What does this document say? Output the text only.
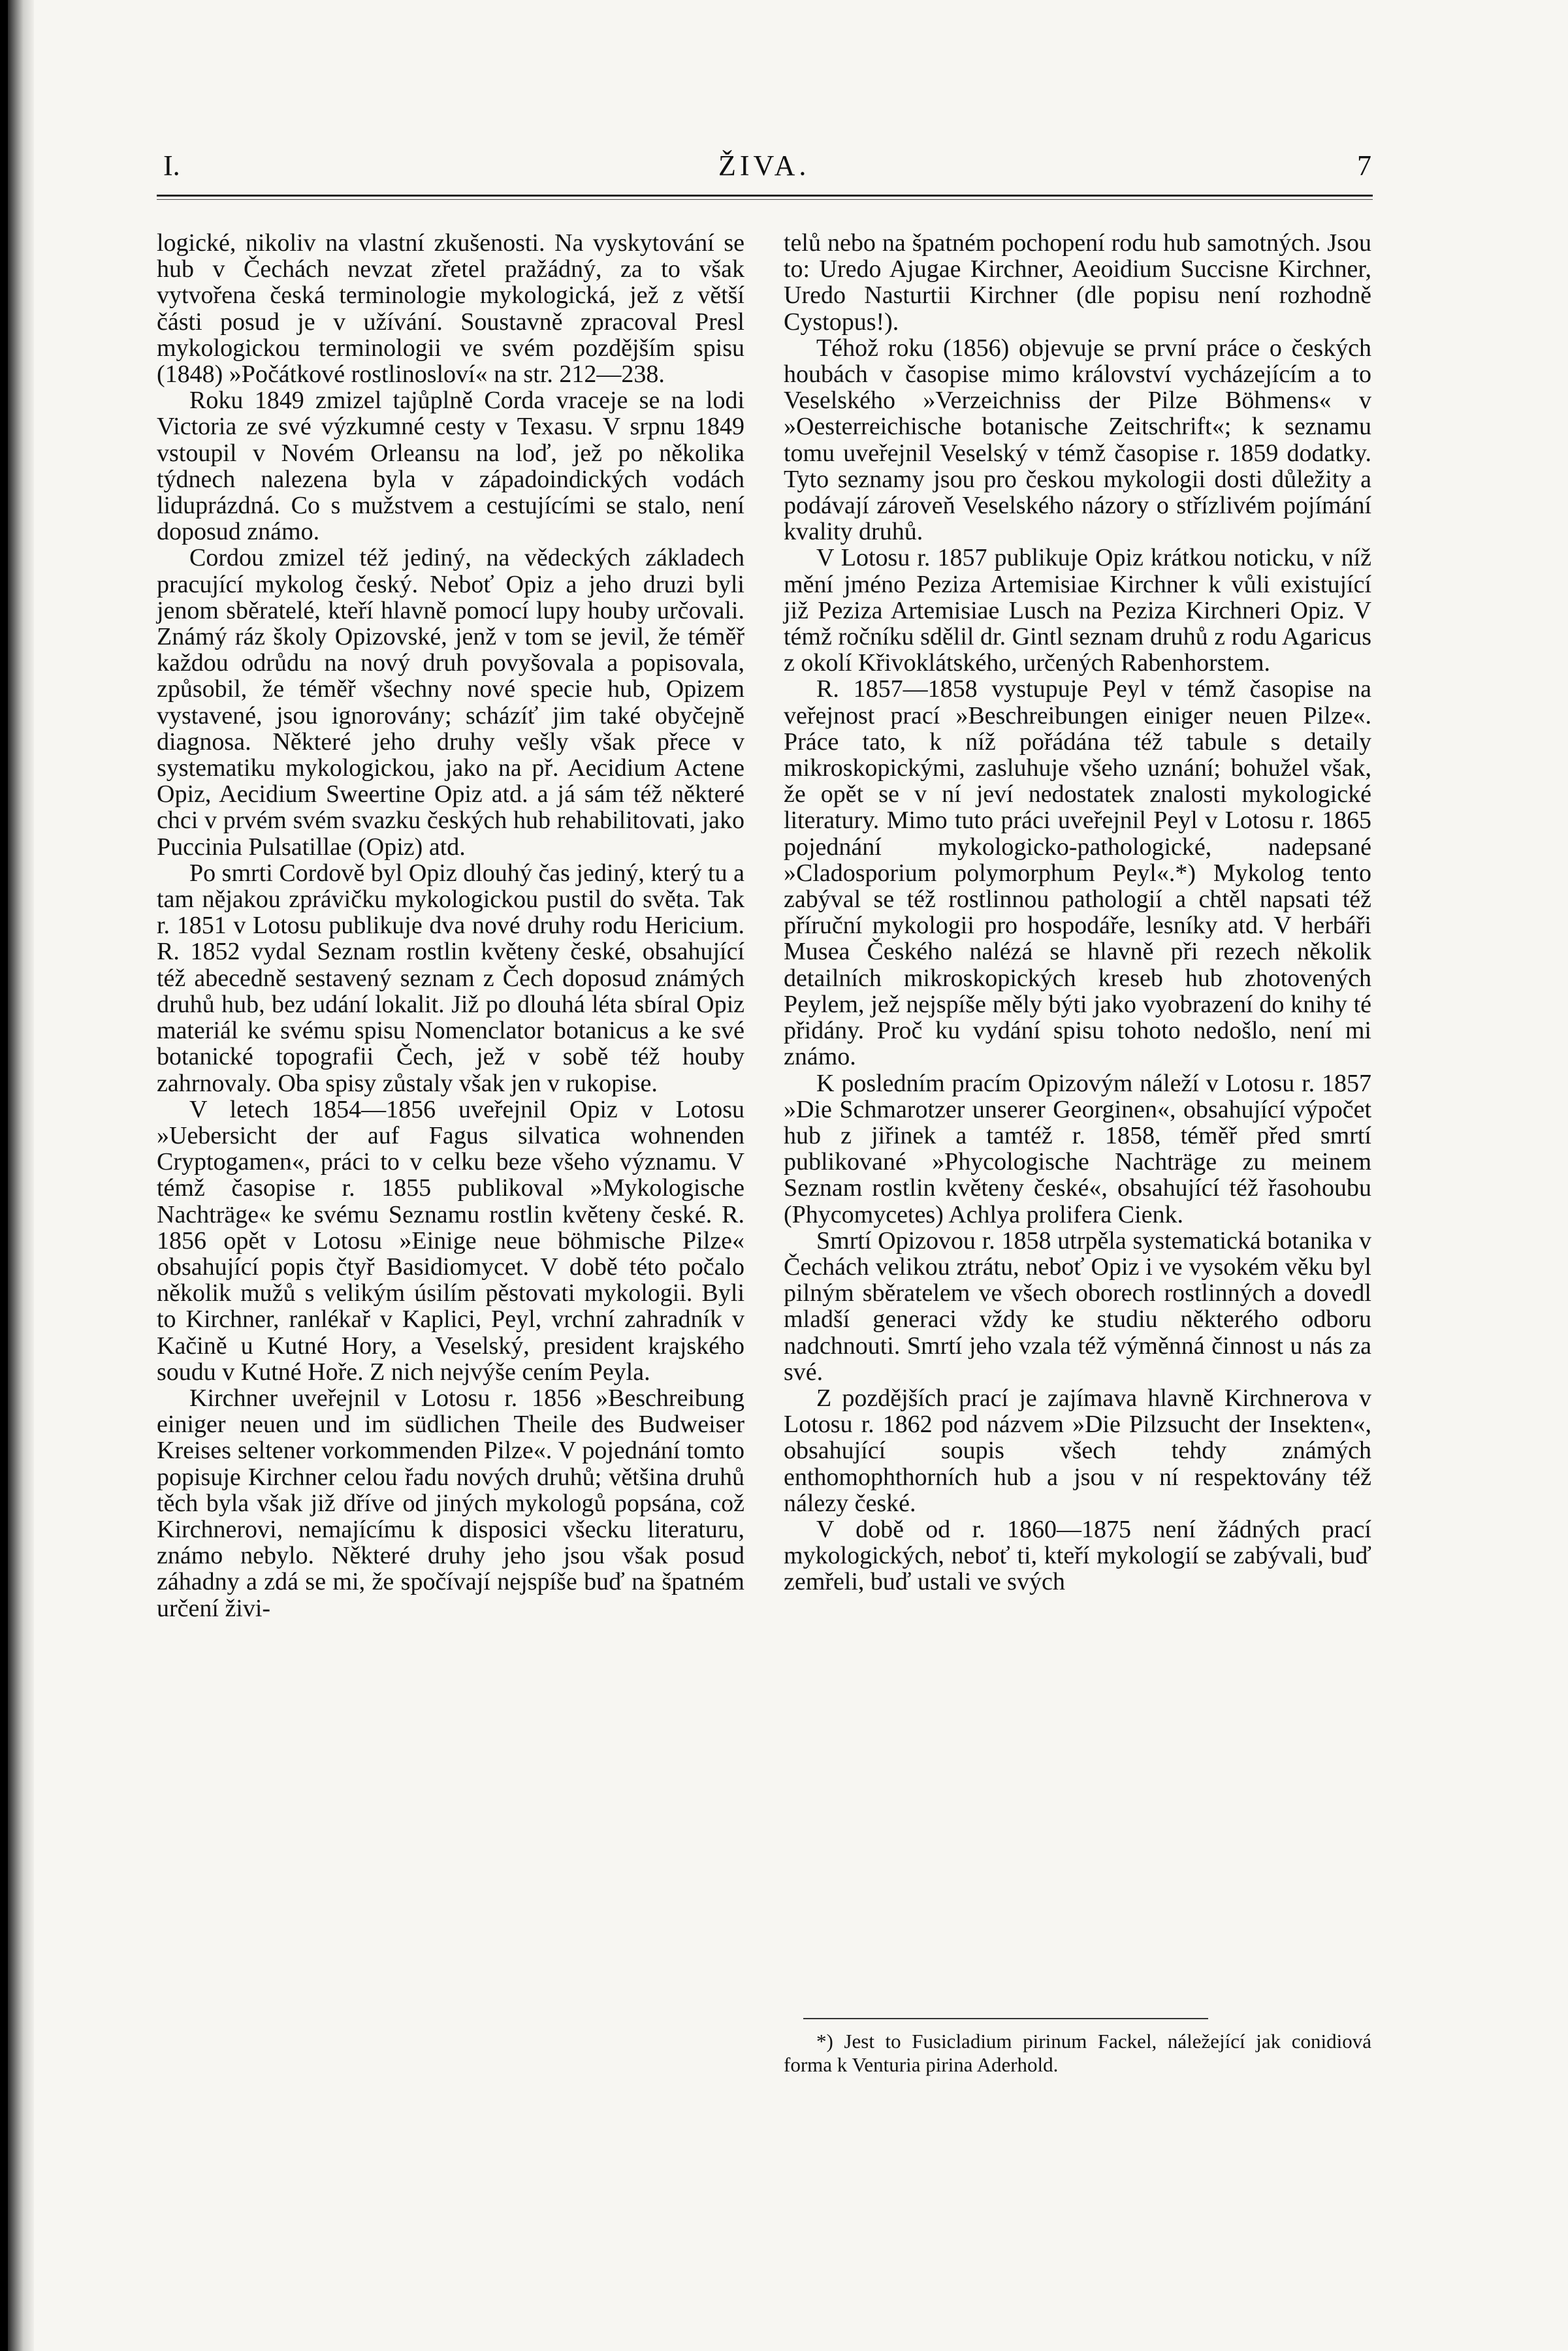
I.	ŽIVA.	7

logické, nikoliv na vlastní zkušenosti. Na vyskytování se hub v Čechách nevzat zřetel pražádný, za to však vytvořena česká terminologie mykologická, jež z větší části posud je v užívání. Soustavně zpracoval Presl mykologickou terminologii ve svém pozdějším spisu (1848) »Počátkové rostlinosloví« na str. 212—238.

Roku 1849 zmizel tajůplně Corda vraceje se na lodi Victoria ze své výzkumné cesty v Texasu. V srpnu 1849 vstoupil v Novém Orleansu na loď, jež po několika týdnech nalezena byla v západoindických vodách liduprázdná. Co s mužstvem a cestujícími se stalo, není doposud známo.

Cordou zmizel též jediný, na vědeckých základech pracující mykolog český. Neboť Opiz a jeho druzi byli jenom sběratelé, kteří hlavně pomocí lupy houby určovali. Známý ráz školy Opizovské, jenž v tom se jevil, že téměř každou odrůdu na nový druh povyšovala a popisovala, způsobil, že téměř všechny nové specie hub, Opizem vystavené, jsou ignorovány; scházíť jim také obyčejně diagnosa. Některé jeho druhy vešly však přece v systematiku mykologickou, jako na př. Aecidium Actene Opiz, Aecidium Sweertine Opiz atd. a já sám též některé chci v prvém svém svazku českých hub rehabilitovati, jako Puccinia Pulsatillae (Opiz) atd.

Po smrti Cordově byl Opiz dlouhý čas jediný, který tu a tam nějakou zprávičku mykologickou pustil do světa. Tak r. 1851 v Lotosu publikuje dva nové druhy rodu Hericium. R. 1852 vydal Seznam rostlin květeny české, obsahující též abecedně sestavený seznam z Čech doposud známých druhů hub, bez udání lokalit. Již po dlouhá léta sbíral Opiz materiál ke svému spisu Nomenclator botanicus a ke své botanické topografii Čech, jež v sobě též houby zahrnovaly. Oba spisy zůstaly však jen v rukopise.

V letech 1854—1856 uveřejnil Opiz v Lotosu »Uebersicht der auf Fagus silvatica wohnenden Cryptogamen«, práci to v celku beze všeho významu. V témž časopise r. 1855 publikoval »Mykologische Nachträge« ke svému Seznamu rostlin květeny české. R. 1856 opět v Lotosu »Einige neue böhmische Pilze« obsahující popis čtyř Basidiomycet. V době této počalo několik mužů s velikým úsilím pěstovati mykologii. Byli to Kirchner, ranlékař v Kaplici, Peyl, vrchní zahradník v Kačině u Kutné Hory, a Veselský, president krajského soudu v Kutné Hoře. Z nich nejvýše cením Peyla.

Kirchner uveřejnil v Lotosu r. 1856 »Beschreibung einiger neuen und im südlichen Theile des Budweiser Kreises seltener vorkommenden Pilze«. V pojednání tomto popisuje Kirchner celou řadu nových druhů; většina druhů těch byla však již dříve od jiných mykologů popsána, což Kirchnerovi, nemajícímu k disposici všecku literaturu, známo nebylo. Některé druhy jeho jsou však posud záhadny a zdá se mi, že spočívají nejspíše buď na špatném určení živi-

telů nebo na špatném pochopení rodu hub samotných. Jsou to: Uredo Ajugae Kirchner, Aeoidium Succisne Kirchner, Uredo Nasturtii Kirchner (dle popisu není rozhodně Cystopus!).

Téhož roku (1856) objevuje se první práce o českých houbách v časopise mimo království vycházejícím a to Veselského »Verzeichniss der Pilze Böhmens« v »Oesterreichische botanische Zeitschrift«; k seznamu tomu uveřejnil Veselský v témž časopise r. 1859 dodatky. Tyto seznamy jsou pro českou mykologii dosti důležity a podávají zároveň Veselského názory o střízlivém pojímání kvality druhů.

V Lotosu r. 1857 publikuje Opiz krátkou noticku, v níž mění jméno Peziza Artemisiae Kirchner k vůli existující již Peziza Artemisiae Lusch na Peziza Kirchneri Opiz. V témž ročníku sdělil dr. Gintl seznam druhů z rodu Agaricus z okolí Křivoklátského, určených Rabenhorstem.

R. 1857—1858 vystupuje Peyl v témž časopise na veřejnost prací »Beschreibungen einiger neuen Pilze«. Práce tato, k níž pořádána též tabule s detaily mikroskopickými, zasluhuje všeho uznání; bohužel však, že opět se v ní jeví nedostatek znalosti mykologické literatury. Mimo tuto práci uveřejnil Peyl v Lotosu r. 1865 pojednání mykologicko-pathologické, nadepsané »Cladosporium polymorphum Peyl«.*) Mykolog tento zabýval se též rostlinnou pathologií a chtěl napsati též příruční mykologii pro hospodáře, lesníky atd. V herbáři Musea Českého nalézá se hlavně při rezech několik detailních mikroskopických kreseb hub zhotovených Peylem, jež nejspíše měly býti jako vyobrazení do knihy té přidány. Proč ku vydání spisu tohoto nedošlo, není mi známo.

K posledním pracím Opizovým náleží v Lotosu r. 1857 »Die Schmarotzer unserer Georginen«, obsahující výpočet hub z jiřinek a tamtéž r. 1858, téměř před smrtí publikované »Phycologische Nachträge zu meinem Seznam rostlin květeny české«, obsahující též řasohoubu (Phycomycetes) Achlya prolifera Cienk.

Smrtí Opizovou r. 1858 utrpěla systematická botanika v Čechách velikou ztrátu, neboť Opiz i ve vysokém věku byl pilným sběratelem ve všech oborech rostlinných a dovedl mladší generaci vždy ke studiu některého odboru nadchnouti. Smrtí jeho vzala též výměnná činnost u nás za své.

Z pozdějších prací je zajímava hlavně Kirchnerova v Lotosu r. 1862 pod názvem »Die Pilzsucht der Insekten«, obsahující soupis všech tehdy známých enthomophthorních hub a jsou v ní respektovány též nálezy české.

V době od r. 1860—1875 není žádných prací mykologických, neboť ti, kteří mykologií se zabývali, buď zemřeli, buď ustali ve svých

*) Jest to Fusicladium pirinum Fackel, náležející jak conidiová forma k Venturia pirina Aderhold.
